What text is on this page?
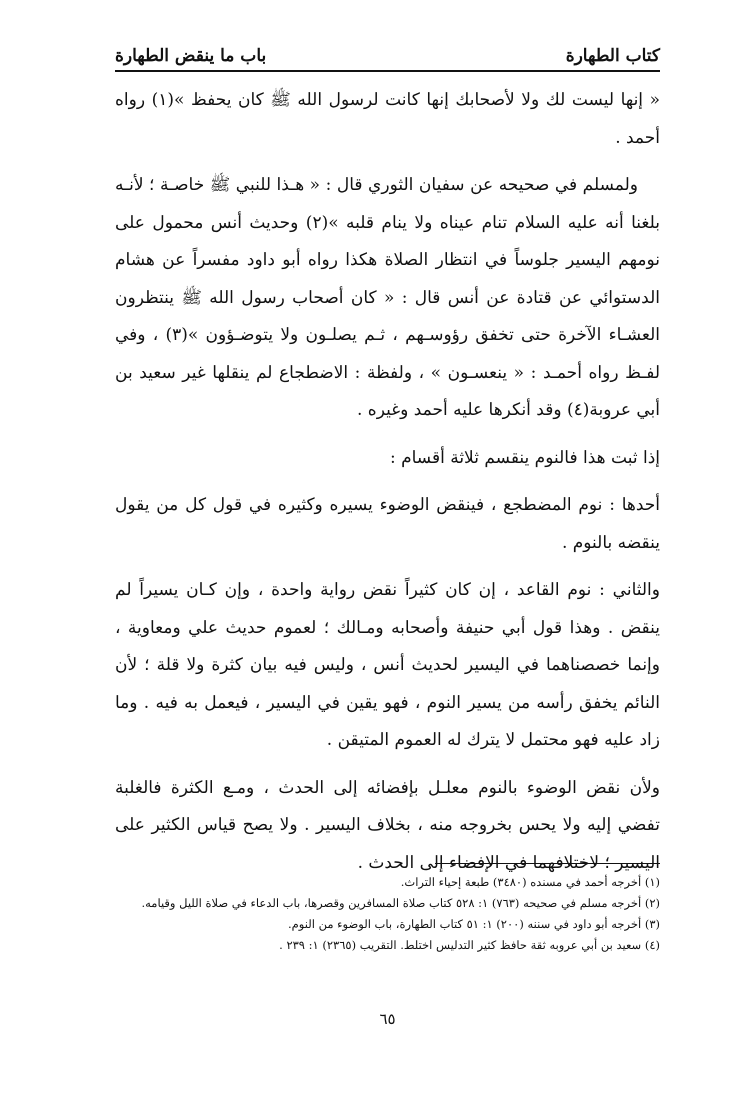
كتاب الطهارة
باب ما ينقض الطهارة

« إنها ليست لك ولا لأصحابك إنها كانت لرسول الله ﷺ كان يحفظ »(١) رواه أحمد .

ولمسلم في صحيحه عن سفيان الثوري قال : « هـذا للنبي ﷺ خاصـة ؛ لأنـه بلغنا أنه عليه السلام تنام عيناه ولا ينام قلبه »(٢) وحديث أنس محمول على نومهم اليسير جلوساً في انتظار الصلاة هكذا رواه أبو داود مفسراً عن هشام الدستوائي عن قتادة عن أنس قال : « كان أصحاب رسول الله ﷺ ينتظرون العشـاء الآخرة حتى تخفق رؤوسـهم ، ثـم يصلـون ولا يتوضـؤون »(٣) ، وفي لفـظ رواه أحمـد : « ينعسـون » ، ولفظة : الاضطجاع لم ينقلها غير سعيد بن أبي عروبة(٤) وقد أنكرها عليه أحمد وغيره .

إذا ثبت هذا فالنوم ينقسم ثلاثة أقسام :

أحدها : نوم المضطجع ، فينقض الوضوء يسيره وكثيره في قول كل من يقول ينقضه بالنوم .

والثاني : نوم القاعد ، إن كان كثيراً نقض رواية واحدة ، وإن كـان يسيراً لم ينقض . وهذا قول أبي حنيفة وأصحابه ومـالك ؛ لعموم حديث علي ومعاوية ، وإنما خصصناهما في اليسير لحديث أنس ، وليس فيه بيان كثرة ولا قلة ؛ لأن النائم يخفق رأسه من يسير النوم ، فهو يقين في اليسير ، فيعمل به فيه . وما زاد عليه فهو محتمل لا يترك له العموم المتيقن .

ولأن نقض الوضوء بالنوم معلـل بإفضائه إلى الحدث ، ومـع الكثرة فالغلبة تفضي إليه ولا يحس بخروجه منه ، بخلاف اليسير . ولا يصح قياس الكثير على اليسير ؛ لاختلافهما في الإفضاء إلى الحدث .

(١) أخرجه أحمد في مسنده (٣٤٨٠) طبعة إحياء التراث.

(٢) أخرجه مسلم في صحيحه (٧٦٣) ١: ٥٢٨ كتاب صلاة المسافرين وقصرها، باب الدعاء في صلاة الليل وقيامه.

(٣) أخرجه أبو داود في سننه (٢٠٠) ١: ٥١ كتاب الطهارة، باب الوضوء من النوم.

(٤) سعيد بن أبي عروبه ثقة حافظ كثير التدليس اختلط. التقريب (٢٣٦٥) ١: ٢٣٩ .

٦٥
